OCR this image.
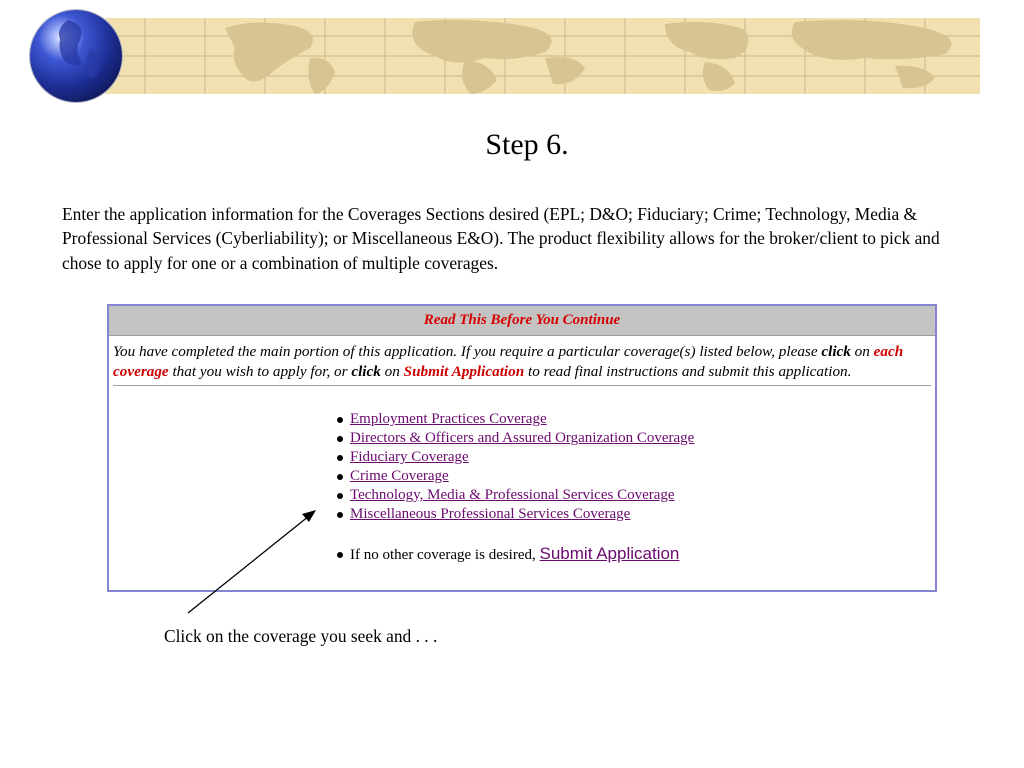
Step 6.
Enter the application information for the Coverages Sections desired (EPL; D&O; Fiduciary; Crime; Technology, Media & Professional Services (Cyberliability); or Miscellaneous E&O). The product flexibility allows for the broker/client to pick and chose to apply for one or a combination of multiple coverages.
Read This Before You Continue
You have completed the main portion of this application. If you require a particular coverage(s) listed below, please click on each coverage that you wish to apply for, or click on Submit Application to read final instructions and submit this application.
Employment Practices Coverage
Directors & Officers and Assured Organization Coverage
Fiduciary Coverage
Crime Coverage
Technology, Media & Professional Services Coverage
Miscellaneous Professional Services Coverage
If no other coverage is desired, Submit Application
Click on the coverage you seek and . . .
